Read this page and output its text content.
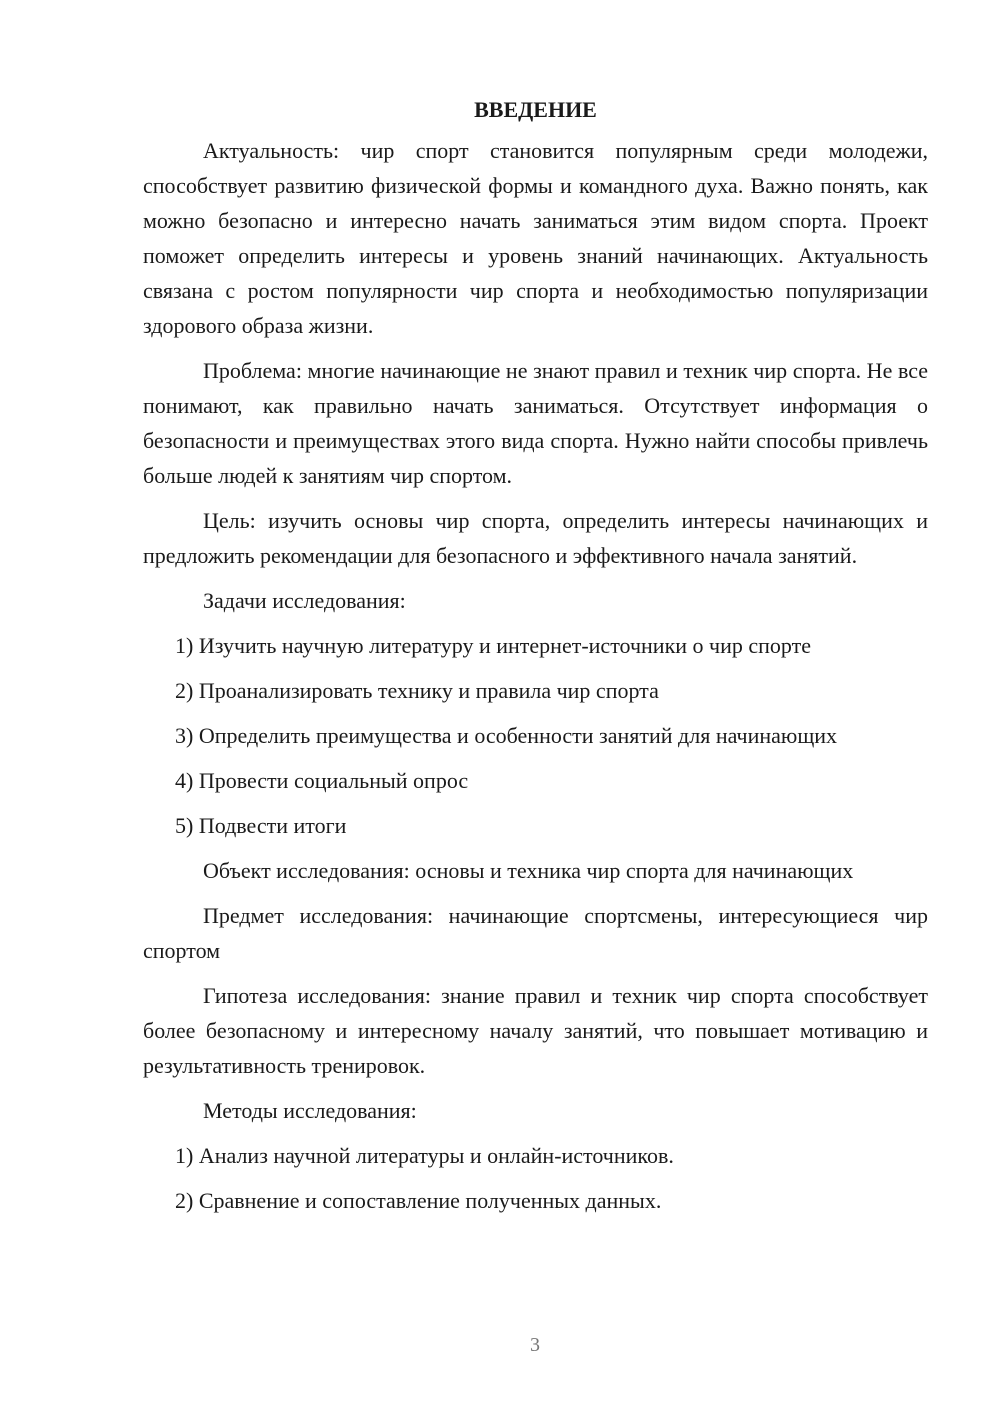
ВВЕДЕНИЕ

Актуальность: чир спорт становится популярным среди молодежи, способствует развитию физической формы и командного духа. Важно понять, как можно безопасно и интересно начать заниматься этим видом спорта. Проект поможет определить интересы и уровень знаний начинающих. Актуальность связана с ростом популярности чир спорта и необходимостью популяризации здорового образа жизни.

Проблема: многие начинающие не знают правил и техник чир спорта. Не все понимают, как правильно начать заниматься. Отсутствует информация о безопасности и преимуществах этого вида спорта. Нужно найти способы привлечь больше людей к занятиям чир спортом.

Цель: изучить основы чир спорта, определить интересы начинающих и предложить рекомендации для безопасного и эффективного начала занятий.

Задачи исследования:

1) Изучить научную литературу и интернет-источники о чир спорте
2) Проанализировать технику и правила чир спорта
3) Определить преимущества и особенности занятий для начинающих
4) Провести социальный опрос
5) Подвести итоги

Объект исследования: основы и техника чир спорта для начинающих

Предмет исследования: начинающие спортсмены, интересующиеся чир спортом

Гипотеза исследования: знание правил и техник чир спорта способствует более безопасному и интересному началу занятий, что повышает мотивацию и результативность тренировок.

Методы исследования:

1) Анализ научной литературы и онлайн-источников.
2) Сравнение и сопоставление полученных данных.
3
